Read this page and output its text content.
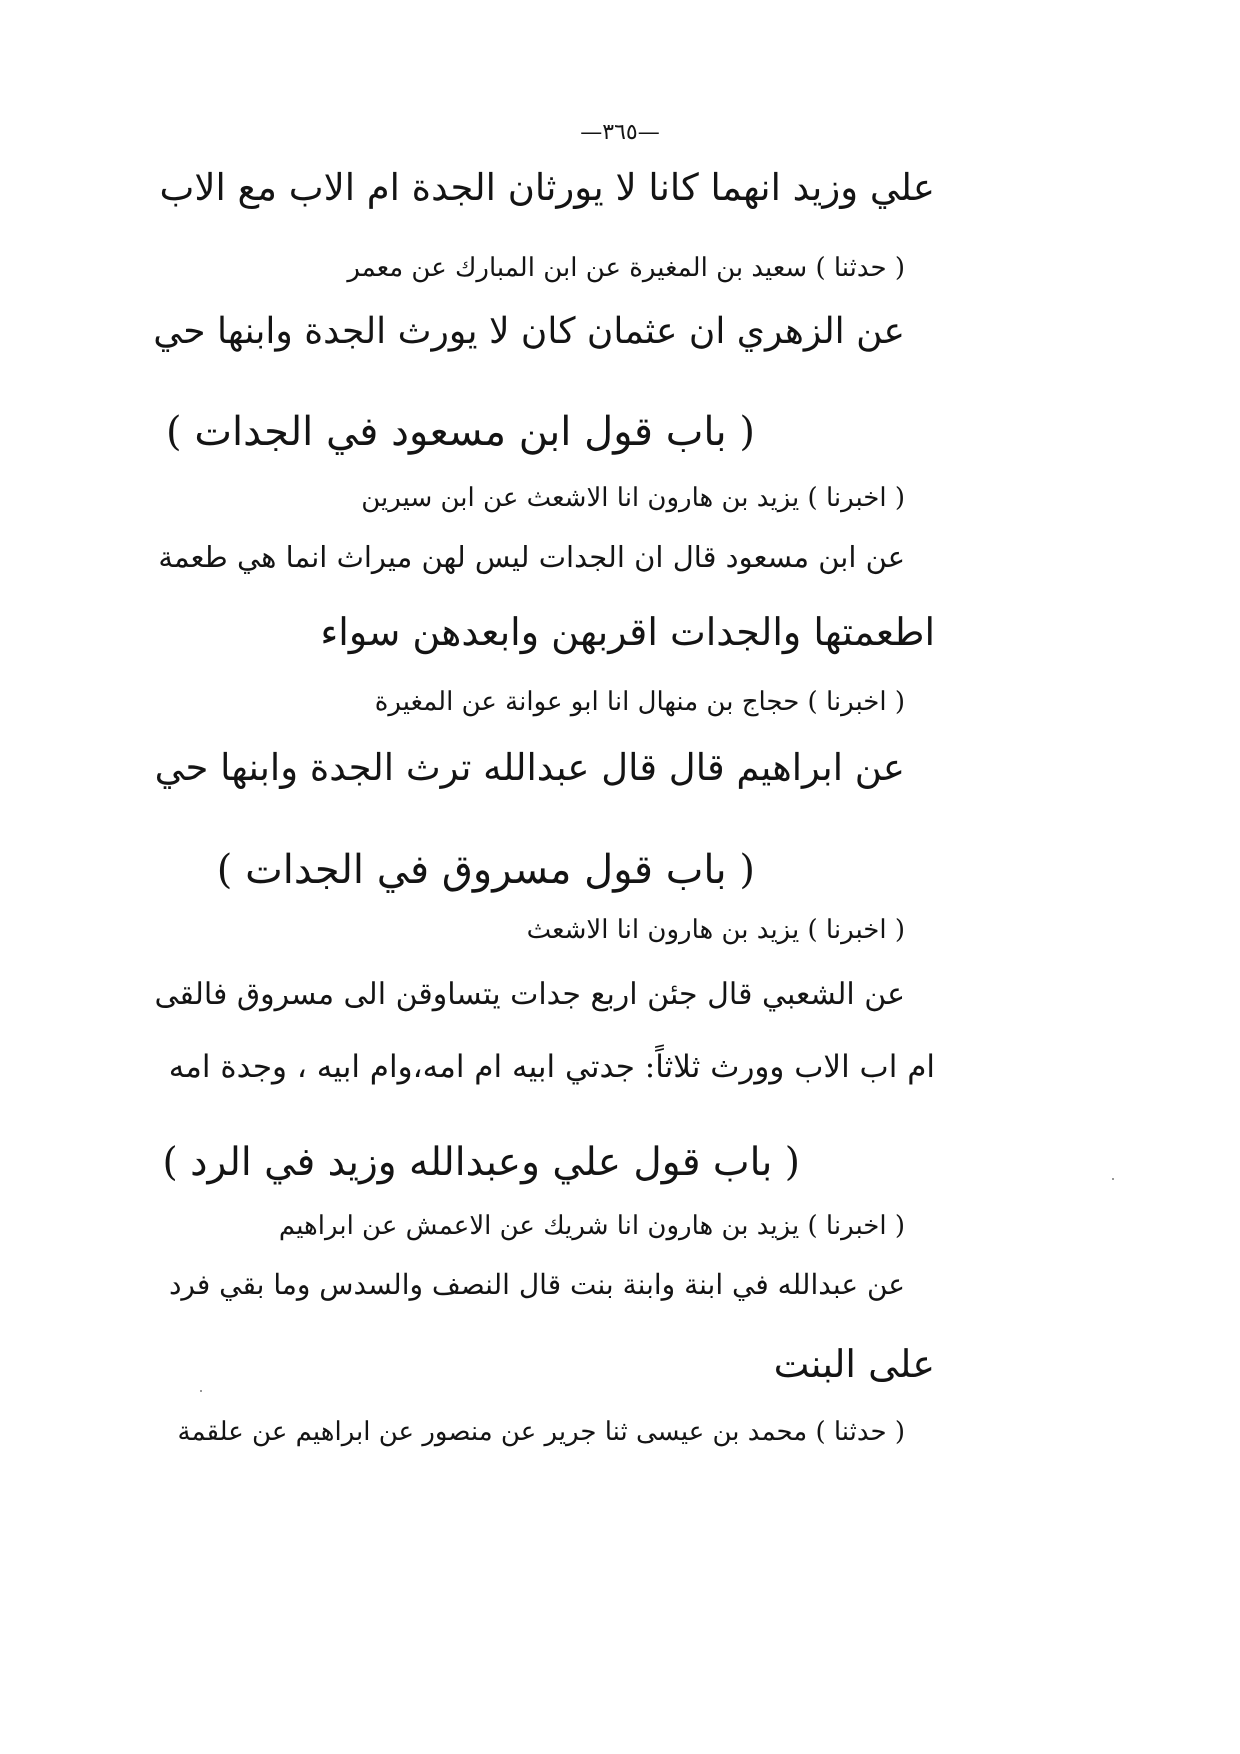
—٣٦٥—

علي وزيد انهما كانا لا يورثان الجدة ام الاب مع الاب

( حدثنا ) سعيد بن المغيرة عن ابن المبارك عن معمر

عن الزهري ان عثمان كان لا يورث الجدة وابنها حي

( باب قول ابن مسعود في الجدات )

( اخبرنا ) يزيد بن هارون انا الاشعث عن ابن سيرين

عن ابن مسعود قال ان الجدات ليس لهن ميراث انما هي طعمة

اطعمتها والجدات اقربهن وابعدهن سواء

( اخبرنا ) حجاج بن منهال انا ابو عوانة عن المغيرة

عن ابراهيم قال قال عبدالله ترث الجدة وابنها حي

( باب قول مسروق في الجدات )

( اخبرنا ) يزيد بن هارون انا الاشعث

عن الشعبي قال جئن اربع جدات يتساوقن الى مسروق فالقى

ام اب الاب وورث ثلاثاً: جدتي ابيه ام امه،وام ابيه ، وجدة امه

( باب قول علي وعبدالله وزيد في الرد )

( اخبرنا ) يزيد بن هارون انا شريك عن الاعمش عن ابراهيم

عن عبدالله في ابنة وابنة بنت قال النصف والسدس وما بقي فرد

على البنت

( حدثنا ) محمد بن عيسى ثنا جرير عن منصور عن ابراهيم عن علقمة
